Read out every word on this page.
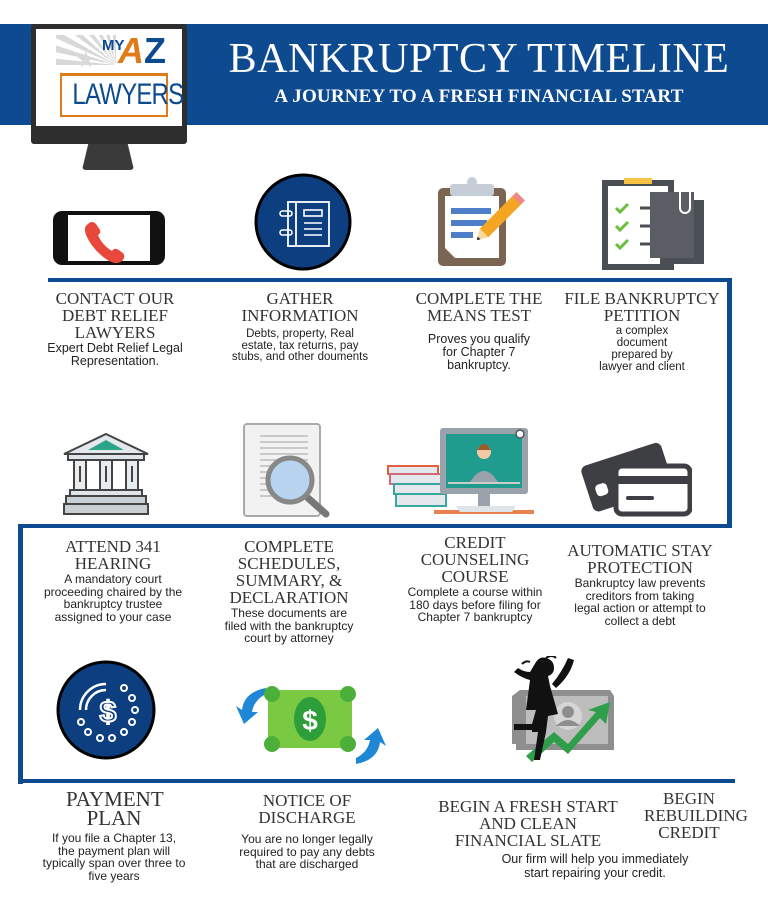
BANKRUPTCY TIMELINE
A JOURNEY TO A FRESH FINANCIAL START
★
MY
A Z
LAWYERS
CONTACT OUR DEBT RELIEF LAWYERS
Expert Debt Relief Legal Representation.
GATHER INFORMATION
Debts, property, Real estate, tax returns, pay stubs, and other douments
COMPLETE THE MEANS TEST
Proves you qualify for Chapter 7 bankruptcy.
FILE BANKRUPTCY PETITION
a complex document prepared by lawyer and client
ATTEND 341 HEARING
A mandatory court proceeding chaired by the bankruptcy trustee assigned to your case
COMPLETE SCHEDULES, SUMMARY, & DECLARATION
These documents are filed with the bankruptcy court by attorney
CREDIT COUNSELING COURSE
Complete a course within 180 days before filing for Chapter 7 bankruptcy
AUTOMATIC STAY PROTECTION
Bankruptcy law prevents creditors from taking legal action or attempt to collect a debt
$	$
PAYMENT PLAN
If you file a Chapter 13, the payment plan will typically span over three to five years
NOTICE OF DISCHARGE
You are no longer legally required to pay any debts that are discharged
BEGIN A FRESH START AND CLEAN FINANCIAL SLATE
BEGIN REBUILDING CREDIT
Our firm will help you immediately start repairing your credit.
